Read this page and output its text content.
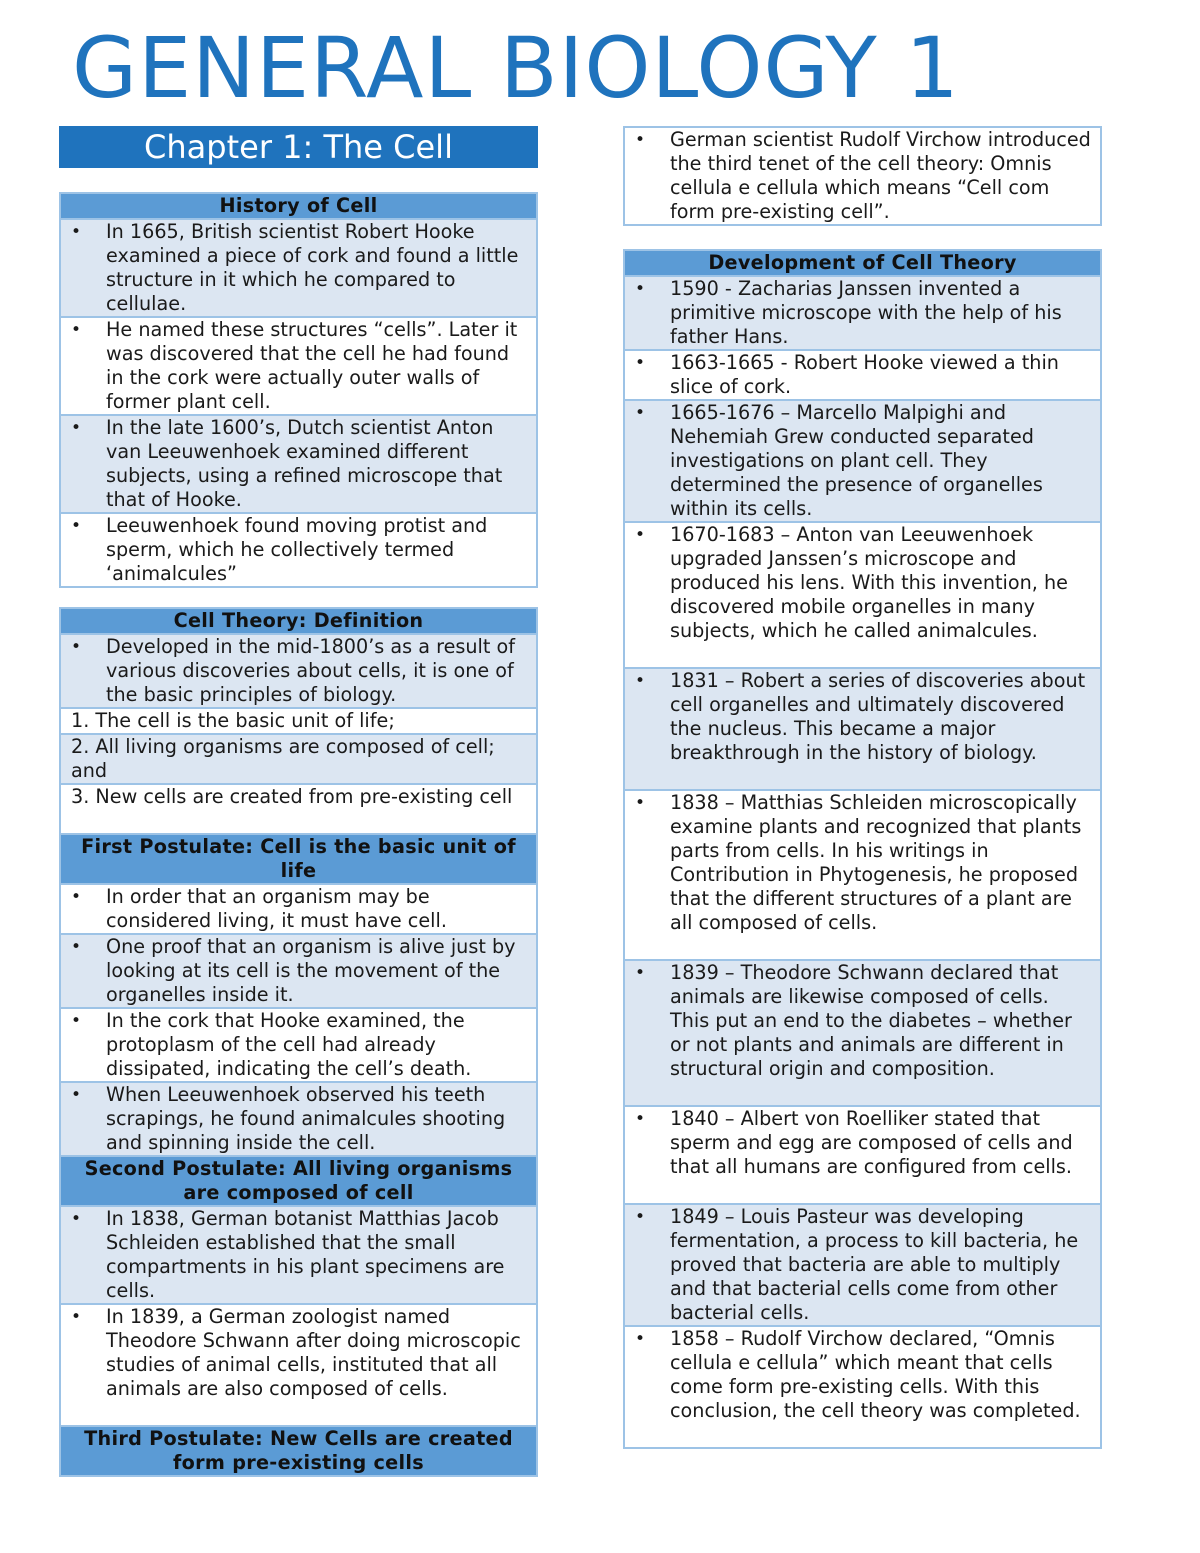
GENERAL BIOLOGY 1
Chapter 1: The Cell
History of Cell

•	In 1665, British scientist Robert Hooke examined a piece of cork and found a little structure in it which he compared to cellulae.

•	He named these structures “cells”. Later it was discovered that the cell he had found in the cork were actually outer walls of former plant cell.

•	In the late 1600’s, Dutch scientist Anton van Leeuwenhoek examined different subjects, using a refined microscope that that of Hooke.

•	Leeuwenhoek found moving protist and sperm, which he collectively termed ‘animalcules”
Cell Theory: Definition

•	Developed in the mid-1800’s as a result of various discoveries about cells, it is one of the basic principles of biology.

1. The cell is the basic unit of life;
2. All living organisms are composed of cell; and
3. New cells are created from pre-existing cell
First Postulate: Cell is the basic unit of life

•	In order that an organism may be considered living, it must have cell.

•	One proof that an organism is alive just by looking at its cell is the movement of the organelles inside it.

•	In the cork that Hooke examined, the protoplasm of the cell had already dissipated, indicating the cell’s death.

•	When Leeuwenhoek observed his teeth scrapings, he found animalcules shooting and spinning inside the cell.

Second Postulate: All living organisms are composed of cell

•	In 1838, German botanist Matthias Jacob Schleiden established that the small compartments in his plant specimens are cells.

•	In 1839, a German zoologist named Theodore Schwann after doing microscopic studies of animal cells, instituted that all animals are also composed of cells.

Third Postulate: New Cells are created form pre-existing cells
•	German scientist Rudolf Virchow introduced the third tenet of the cell theory: Omnis cellula e cellula which means “Cell com form pre-existing cell”.
Development of Cell Theory

•	1590 - Zacharias Janssen invented a primitive microscope with the help of his father Hans.

•	1663-1665 - Robert Hooke viewed a thin slice of cork.

•	1665-1676 – Marcello Malpighi and Nehemiah Grew conducted separated investigations on plant cell. They determined the presence of organelles within its cells.

•	1670-1683 – Anton van Leeuwenhoek upgraded Janssen’s microscope and produced his lens. With this invention, he discovered mobile organelles in many subjects, which he called animalcules.

•	1831 – Robert a series of discoveries about cell organelles and ultimately discovered the nucleus. This became a major breakthrough in the history of biology.

•	1838 – Matthias Schleiden microscopically examine plants and recognized that plants parts from cells. In his writings in Contribution in Phytogenesis, he proposed that the different structures of a plant are all composed of cells.

•	1839 – Theodore Schwann declared that animals are likewise composed of cells. This put an end to the diabetes – whether or not plants and animals are different in structural origin and composition.

•	1840 – Albert von Roelliker stated that sperm and egg are composed of cells and that all humans are configured from cells.

•	1849 – Louis Pasteur was developing fermentation, a process to kill bacteria, he proved that bacteria are able to multiply and that bacterial cells come from other bacterial cells.

•	1858 – Rudolf Virchow declared, “Omnis cellula e cellula” which meant that cells come form pre-existing cells. With this conclusion, the cell theory was completed.
